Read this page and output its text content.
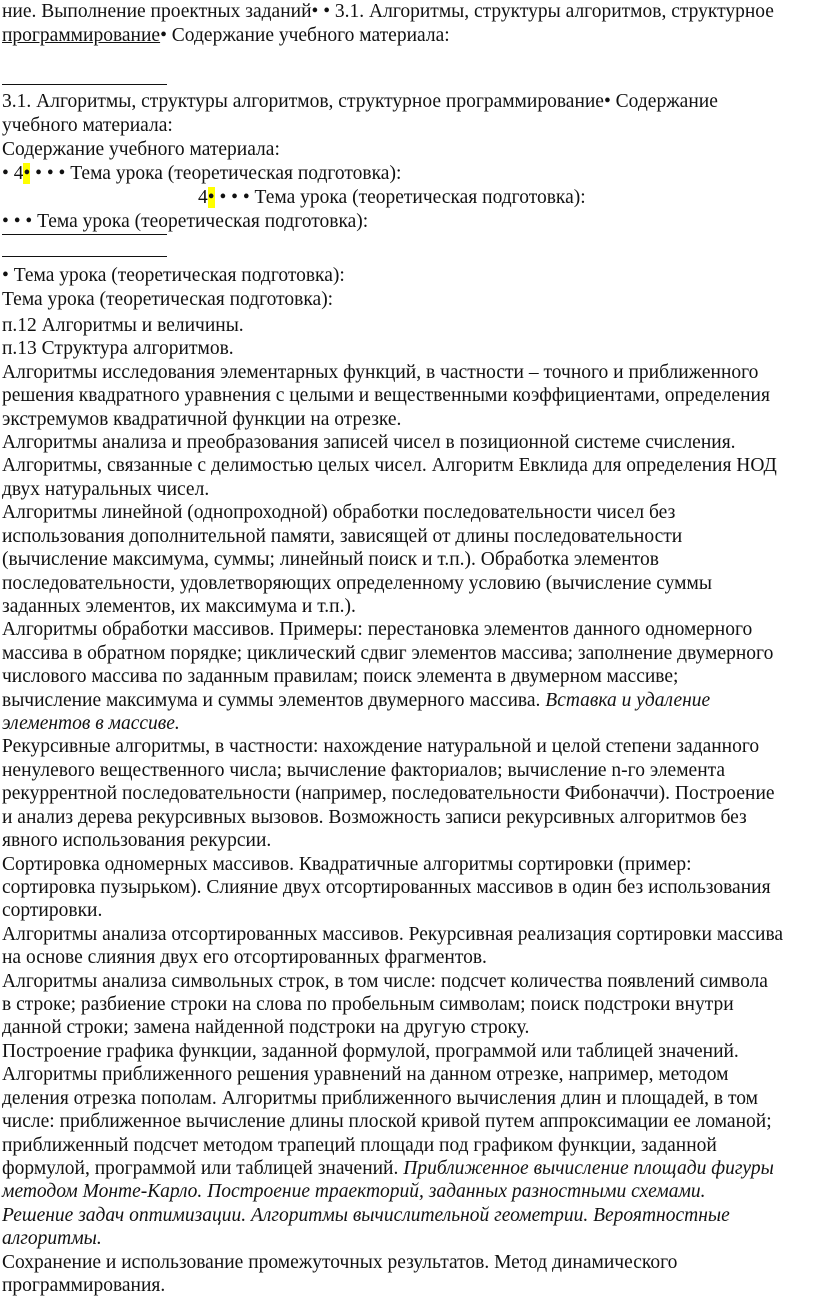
ние. Выполнение проектных заданий• • 3.1. Алгоритмы, структуры алгоритмов, структурное
программирование• Содержание учебного материала:
3.1. Алгоритмы, структуры алгоритмов, структурное программирование• Содержание
учебного материала:
Содержание учебного материала:
• 4• • • • Тема урока (теоретическая подготовка):
4• • • • Тема урока (теоретическая подготовка):
• • • Тема урока (теоретическая подготовка):
• Тема урока (теоретическая подготовка):
Тема урока (теоретическая подготовка):
п.12 Алгоритмы и величины.
п.13 Структура алгоритмов.
Алгоритмы исследования элементарных функций, в частности – точного и приближенного
решения квадратного уравнения с целыми и вещественными коэффициентами, определения
экстремумов квадратичной функции на отрезке.
Алгоритмы анализа и преобразования записей чисел в позиционной системе счисления.
Алгоритмы, связанные с делимостью целых чисел. Алгоритм Евклида для определения НОД
двух натуральных чисел.
Алгоритмы линейной (однопроходной) обработки последовательности чисел без
использования дополнительной памяти, зависящей от длины последовательности
(вычисление максимума, суммы; линейный поиск и т.п.). Обработка элементов
последовательности, удовлетворяющих определенному условию (вычисление суммы
заданных элементов, их максимума и т.п.).
Алгоритмы обработки массивов. Примеры: перестановка элементов данного одномерного
массива в обратном порядке; циклический сдвиг элементов массива; заполнение двумерного
числового массива по заданным правилам; поиск элемента в двумерном массиве;
вычисление максимума и суммы элементов двумерного массива. Вставка и удаление
элементов в массиве.
Рекурсивные алгоритмы, в частности: нахождение натуральной и целой степени заданного
ненулевого вещественного числа; вычисление факториалов; вычисление n-го элемента
рекуррентной последовательности (например, последовательности Фибоначчи). Построение
и анализ дерева рекурсивных вызовов. Возможность записи рекурсивных алгоритмов без
явного использования рекурсии.
Сортировка одномерных массивов. Квадратичные алгоритмы сортировки (пример:
сортировка пузырьком). Слияние двух отсортированных массивов в один без использования
сортировки.
Алгоритмы анализа отсортированных массивов. Рекурсивная реализация сортировки массива
на основе слияния двух его отсортированных фрагментов.
Алгоритмы анализа символьных строк, в том числе: подсчет количества появлений символа
в строке; разбиение строки на слова по пробельным символам; поиск подстроки внутри
данной строки; замена найденной подстроки на другую строку.
Построение графика функции, заданной формулой, программой или таблицей значений.
Алгоритмы приближенного решения уравнений на данном отрезке, например, методом
деления отрезка пополам. Алгоритмы приближенного вычисления длин и площадей, в том
числе: приближенное вычисление длины плоской кривой путем аппроксимации ее ломаной;
приближенный подсчет методом трапеций площади под графиком функции, заданной
формулой, программой или таблицей значений. Приближенное вычисление площади фигуры
методом Монте-Карло. Построение траекторий, заданных разностными схемами.
Решение задач оптимизации. Алгоритмы вычислительной геометрии. Вероятностные
алгоритмы.
Сохранение и использование промежуточных результатов. Метод динамического
программирования.
